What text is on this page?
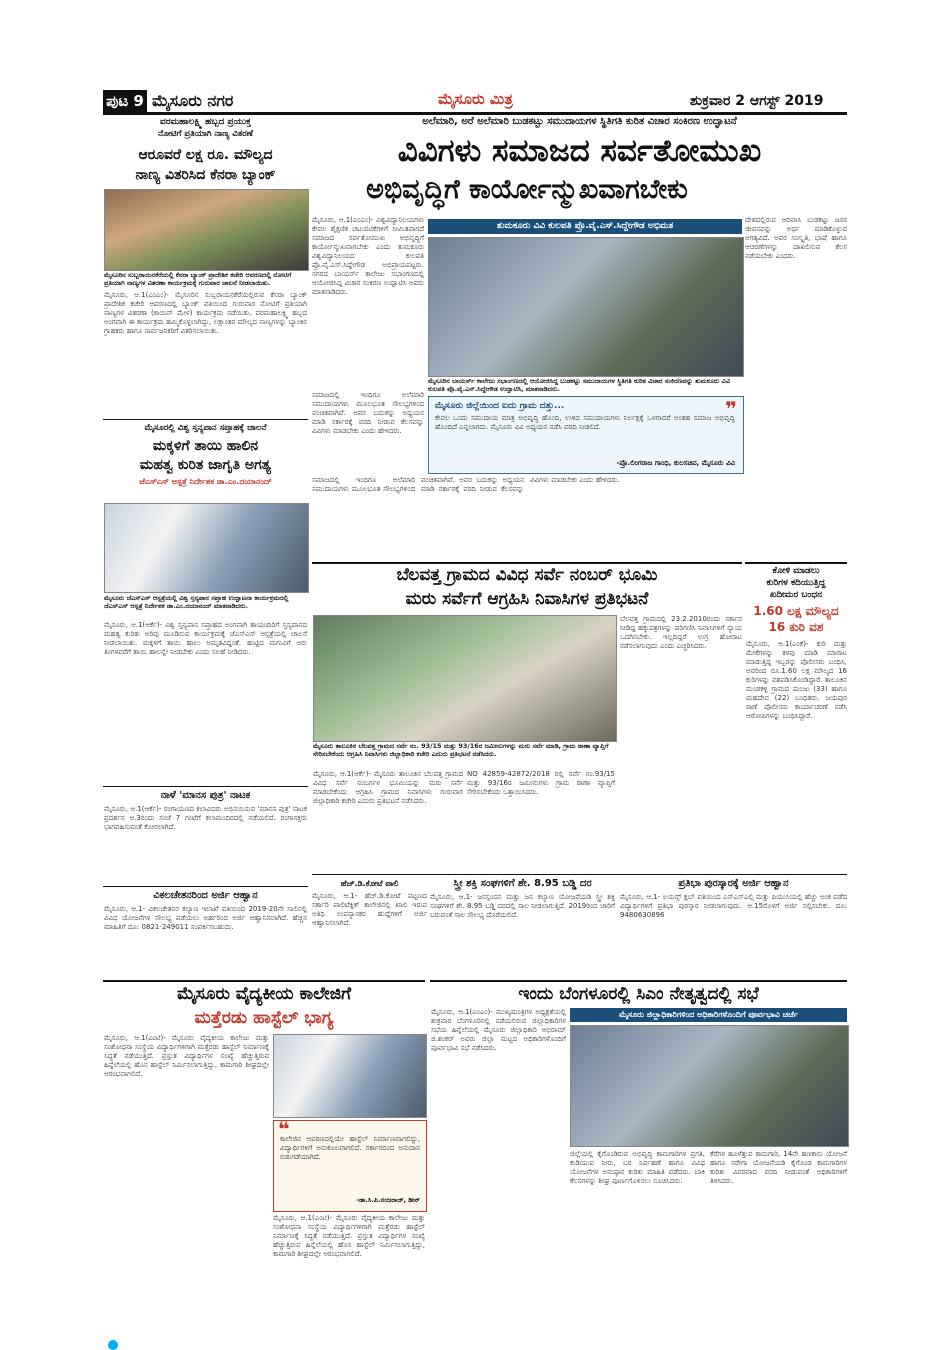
ಪುಟ 9 ಮೈಸೂರು ನಗರ	ಮೈಸೂರು ಮಿತ್ರ	ಶುಕ್ರವಾರ 2 ಆಗಸ್ಟ್ 2019
ವರಮಹಾಲಕ್ಷ್ಮಿ ಹಬ್ಬದ ಪ್ರಯುಕ್ತ
ನೋಟಿಗೆ ಪ್ರತಿಯಾಗಿ ನಾಣ್ಯ ವಿತರಣೆ
ಆರೂವರೆ ಲಕ್ಷ ರೂ. ಮೌಲ್ಯದ
ನಾಣ್ಯ ವಿತರಿಸಿದ ಕೆನರಾ ಬ್ಯಾಂಕ್
ಮೈಸೂರಿನ ಸುಬ್ಬರಾಯನಕೆರೆಯಲ್ಲಿ ಕೆನರಾ ಬ್ಯಾಂಕ್ ಪ್ರಾದೇಶಿಕ ಕಚೇರಿ ಆವರಣದಲ್ಲಿ ನೋಟಿಗೆ ಪ್ರತಿಯಾಗಿ ನಾಣ್ಯಗಳ ವಿತರಣಾ ಕಾರ್ಯಕ್ರಮಕ್ಕೆ ಗುರುವಾರ ಚಾಲನೆ ನೀಡಲಾಯಿತು.
ಮೈಸೂರು, ಆ.1(ಎಂಎಂ)- ಮೈಸೂರಿನ ಸುಬ್ಬರಾಯನಕೆರೆಯಲ್ಲಿರುವ ಕೆನರಾ ಬ್ಯಾಂಕ್ ಪ್ರಾದೇಶಿಕ ಕಚೇರಿ ಆವರಣದಲ್ಲಿ ಬ್ಯಾಂಕ್ ವತಿಯಿಂದ ಗುರುವಾರ ನೋಟಿಗೆ ಪ್ರತಿಯಾಗಿ ನಾಣ್ಯಗಳ ವಿತರಣಾ (ಕಾಯಿನ್ ಮೇಳ) ಕಾರ್ಯಕ್ರಮ ನಡೆಯಿತು. ವರಮಹಾಲಕ್ಷ್ಮಿ ಹಬ್ಬದ ಅಂಗವಾಗಿ ಈ ಕಾರ್ಯಕ್ರಮ ಹಮ್ಮಿಕೊಳ್ಳಲಾಗಿದ್ದು, ಲಕ್ಷಾಂತರ ಮೌಲ್ಯದ ನಾಣ್ಯಗಳನ್ನು ಬ್ಯಾಂಕಿನ ಗ್ರಾಹಕರು ಹಾಗೂ ಸಾರ್ವಜನಿಕರಿಗೆ ವಿತರಿಸಲಾಯಿತು.
ಮೈಸೂರಲ್ಲಿ ವಿಶ್ವ ಸ್ತನ್ಯಪಾನ ಸಪ್ತಾಹಕ್ಕೆ ಚಾಲನೆ
ಮಕ್ಕಳಿಗೆ ತಾಯಿ ಹಾಲಿನ
ಮಹತ್ವ ಕುರಿತ ಜಾಗೃತಿ ಅಗತ್ಯ
ಜೆಎಸ್ಎಸ್ ಆಸ್ಪತ್ರೆ ನಿರ್ದೇಶಕ ಡಾ.ಎಂ.ದಯಾನಂದ್
ಮೈಸೂರು ಜೆಎಸ್ಎಸ್ ಆಸ್ಪತ್ರೆಯಲ್ಲಿ ವಿಶ್ವ ಸ್ತನ್ಯಪಾನ ಸಪ್ತಾಹ ಉದ್ಘಾಟನಾ ಕಾರ್ಯಕ್ರಮದಲ್ಲಿ ಜೆಎಸ್ಎಸ್ ಆಸ್ಪತ್ರೆ ನಿರ್ದೇಶಕ ಡಾ.ಎಂ.ದಯಾನಂದ್ ಮಾತನಾಡಿದರು.
ಮೈಸೂರು, ಆ.1(ಆರ್ಕೆ)- ವಿಶ್ವ ಸ್ತನ್ಯಪಾನ ಸಪ್ತಾಹದ ಅಂಗವಾಗಿ ತಾಯಂದಿರಿಗೆ ಸ್ತನ್ಯಪಾನದ ಮಹತ್ವ ಕುರಿತು ಅರಿವು ಮೂಡಿಸುವ ಕಾರ್ಯಕ್ರಮಕ್ಕೆ ಜೆಎಸ್ಎಸ್ ಆಸ್ಪತ್ರೆಯಲ್ಲಿ ಚಾಲನೆ ನೀಡಲಾಯಿತು. ಮಕ್ಕಳಿಗೆ ತಾಯಿ ಹಾಲು ಅಮೃತವಿದ್ದಂತೆ. ಹುಟ್ಟಿದ ಮಗುವಿಗೆ ಆರು ತಿಂಗಳವರೆಗೆ ತಾಯಿ ಹಾಲನ್ನೇ ನೀಡಬೇಕು ಎಂದು ಸಲಹೆ ನೀಡಿದರು.
ನಾಳೆ 'ಮಾನಸ ಪುತ್ರ' ನಾಟಕ
ಮೈಸೂರು, ಆ.1(ಆರ್ಕೆ)- ರಂಗಾಯಣದ ಕಲಾವಿದರು ಅಭಿನಯಿಸುವ 'ಮಾನಸ ಪುತ್ರ' ನಾಟಕ ಪ್ರದರ್ಶನ ಆ.3ರಂದು ಸಂಜೆ 7 ಗಂಟೆಗೆ ಕಲಾಮಂದಿರದಲ್ಲಿ ನಡೆಯಲಿದೆ. ರಂಗಾಸಕ್ತರು ಭಾಗವಹಿಸುವಂತೆ ಕೋರಲಾಗಿದೆ.
ವಿಕಲಚೇತನರಿಂದ ಅರ್ಜಿ ಆಹ್ವಾನ
ಮೈಸೂರು, ಆ.1- ವಿಕಲಚೇತನರ ಕಲ್ಯಾಣ ಇಲಾಖೆ ವತಿಯಿಂದ 2019-20ನೇ ಸಾಲಿನಲ್ಲಿ ವಿವಿಧ ಯೋಜನೆಗಳ ಸೌಲಭ್ಯ ಪಡೆಯಲು ಅರ್ಹರಿಂದ ಅರ್ಜಿ ಆಹ್ವಾನಿಸಲಾಗಿದೆ. ಹೆಚ್ಚಿನ ಮಾಹಿತಿಗೆ ದೂ: 0821-249011 ಸಂಪರ್ಕಿಸಬಹುದು.
ಅಲೆಮಾರಿ, ಅರೆ ಅಲೆಮಾರಿ ಬುಡಕಟ್ಟು ಸಮುದಾಯಗಳ ಸ್ಥಿತಿಗತಿ ಕುರಿತ ವಿಚಾರ ಸಂಕಿರಣ ಉದ್ಘಾಟನೆ
ವಿವಿಗಳು ಸಮಾಜದ ಸರ್ವತೋಮುಖ
ಅಭಿವೃದ್ಧಿಗೆ ಕಾರ್ಯೋನ್ಮುಖವಾಗಬೇಕು
ತುಮಕೂರು ವಿವಿ ಕುಲಪತಿ ಪ್ರೊ.ವೈ.ಎಸ್.ಸಿದ್ದೇಗೌಡ ಅಭಿಮತ
ಮೈಸೂರು, ಆ.1(ಎಂಎಂ)- ವಿಶ್ವವಿದ್ಯಾನಿಲಯಗಳು ಕೇವಲ ಶೈಕ್ಷಣಿಕ ಚಟುವಟಿಕೆಗಳಿಗೆ ಸೀಮಿತವಾಗದೆ ಸಮಾಜದ ಸರ್ವತೋಮುಖ ಅಭಿವೃದ್ಧಿಗೆ ಕಾರ್ಯೋನ್ಮುಖವಾಗಬೇಕು ಎಂದು ತುಮಕೂರು ವಿಶ್ವವಿದ್ಯಾನಿಲಯದ ಕುಲಪತಿ ಪ್ರೊ.ವೈ.ಎಸ್.ಸಿದ್ದೇಗೌಡ ಅಭಿಪ್ರಾಯಪಟ್ಟರು. ನಗರದ ಬಾಯರ್ಸ್ ಕಾಲೇಜು ಸಭಾಂಗಣದಲ್ಲಿ ಆಯೋಜಿಸಿದ್ದ ವಿಚಾರ ಸಂಕಿರಣ ಉದ್ಘಾಟಿಸಿ ಅವರು ಮಾತನಾಡಿದರು.
ಮೈಸೂರಿನ ಬಾಯರ್ಸ್ ಕಾಲೇಜು ಸಭಾಂಗಣದಲ್ಲಿ ಆಯೋಜಿಸಿದ್ದ ಬುಡಕಟ್ಟು ಸಮುದಾಯಗಳ ಸ್ಥಿತಿಗತಿ ಕುರಿತ ವಿಚಾರ ಸಂಕಿರಣವನ್ನು ತುಮಕೂರು ವಿವಿ ಕುಲಪತಿ ಪ್ರೊ.ವೈ.ಎಸ್.ಸಿದ್ದೇಗೌಡ ಉದ್ಘಾಟಿಸಿ, ಮಾತನಾಡಿದರು.
ಸಮಾಜದಲ್ಲಿ ಇಂದಿಗೂ ಅಲೆಮಾರಿ ಸಮುದಾಯಗಳು ಮೂಲಭೂತ ಸೌಲಭ್ಯಗಳಿಂದ ವಂಚಿತವಾಗಿವೆ. ಅವರ ಬದುಕನ್ನು ಅಧ್ಯಯನ ಮಾಡಿ ಸರ್ಕಾರಕ್ಕೆ ವರದಿ ನೀಡುವ ಕೆಲಸವನ್ನು ವಿವಿಗಳು ಮಾಡಬೇಕು ಎಂದು ಹೇಳಿದರು.
ದೇಶದಲ್ಲಿರುವ ಆದಿವಾಸಿ ಬುಡಕಟ್ಟು ಜನರ ಜೀವನವನ್ನು ಅರ್ಥ ಮಾಡಿಕೊಳ್ಳುವ ಅಗತ್ಯವಿದೆ. ಅವರ ಸಂಸ್ಕೃತಿ, ಭಾಷೆ ಹಾಗೂ ಆಚರಣೆಗಳನ್ನು ದಾಖಲಿಸುವ ಕೆಲಸ ನಡೆಯಬೇಕು ಎಂದರು.
ಮೈಸೂರು ಜಿಲ್ಲೆಯಿಂದ ಐದು ಗ್ರಾಮ ದತ್ತು...	❞
ಕೇವಲ ಒಂದು ಸಮುದಾಯ ಮಾತ್ರ ಅಭಿವೃದ್ಧಿ ಹೊಂದಿ, ಉಳಿದ ಸಮುದಾಯಗಳು ನಿರ್ಲಕ್ಷಕ್ಕೆ ಒಳಗಾದರೆ ಅಂತಹ ಸಮಾಜ ಅಭಿವೃದ್ಧಿ ಹೊಂದಿದೆ ಎನ್ನಲಾಗದು. ಮೈಸೂರು ವಿವಿ ಅಧ್ಯಯನ ನಡೆಸಿ ವರದಿ ನೀಡಲಿದೆ.
-ಪ್ರೊ.ಲಿಂಗರಾಜ ಗಾಂಧಿ, ಕುಲಸಚಿವ, ಮೈಸೂರು ವಿವಿ
ಸಮಾಜದಲ್ಲಿ ಇಂದಿಗೂ ಅಲೆಮಾರಿ ಸಮುದಾಯಗಳು ಮೂಲಭೂತ ಸೌಲಭ್ಯಗಳಿಂದ ವಂಚಿತವಾಗಿವೆ. ಅವರ ಬದುಕನ್ನು ಅಧ್ಯಯನ ಮಾಡಿ ಸರ್ಕಾರಕ್ಕೆ ವರದಿ ನೀಡುವ ಕೆಲಸವನ್ನು ವಿವಿಗಳು ಮಾಡಬೇಕು ಎಂದು ಹೇಳಿದರು.
ಬೆಲವತ್ತ ಗ್ರಾಮದ ವಿವಿಧ ಸರ್ವೆ ನಂಬರ್ ಭೂಮಿ
ಮರು ಸರ್ವೆಗೆ ಆಗ್ರಹಿಸಿ ನಿವಾಸಿಗಳ ಪ್ರತಿಭಟನೆ
ಮೈಸೂರು ತಾಲೂಕಿನ ಬೆಲವತ್ತ ಗ್ರಾಮದ ಸರ್ವೆ ನಂ. 93/15 ಮತ್ತು 93/16ರ ಜಮೀನುಗಳನ್ನು ಮರು ಸರ್ವೆ ಮಾಡಿ, ಗ್ರಾಮ ಠಾಣಾ ವ್ಯಾಪ್ತಿಗೆ ಸೇರಿಸಬೇಕೆಂದು ಆಗ್ರಹಿಸಿ ನಿವಾಸಿಗಳು ಜಿಲ್ಲಾಧಿಕಾರಿ ಕಚೇರಿ ಎದುರು ಪ್ರತಿಭಟನೆ ನಡೆಸಿದರು.
ಬೆಲವತ್ತ ಗ್ರಾಮದಲ್ಲಿ 23.2.2010ರಂದು ಸರ್ಕಾರ ನೀಡಿದ್ದ ಹಕ್ಕುಪತ್ರಗಳನ್ನು ಪರಿಗಣಿಸಿ ನಿವಾಸಿಗಳಿಗೆ ನ್ಯಾಯ ಒದಗಿಸಬೇಕು. ಇಲ್ಲದಿದ್ದರೆ ಉಗ್ರ ಹೋರಾಟ ನಡೆಸಲಾಗುವುದು ಎಂದು ಎಚ್ಚರಿಸಿದರು.
ಮೈಸೂರು, ಆ.1(ಆರ್ಕೆ)- ಮೈಸೂರು ತಾಲೂಕಿನ ಬೆಲವತ್ತ ಗ್ರಾಮದ ವಿವಿಧ ಸರ್ವೆ ನಂಬರ್ಗಳ ಭೂಮಿಯನ್ನು ಮರು ಸರ್ವೆ ಮಾಡಬೇಕೆಂದು ಆಗ್ರಹಿಸಿ ಗ್ರಾಮದ ನಿವಾಸಿಗಳು ಗುರುವಾರ ಜಿಲ್ಲಾಧಿಕಾರಿ ಕಚೇರಿ ಎದುರು ಪ್ರತಿಭಟನೆ ನಡೆಸಿದರು.
NO 42859-42872/2018 ರಲ್ಲಿ ಸರ್ವೆ ನಂ.93/15 ಮತ್ತು 93/16ರ ಜಮೀನುಗಳು ಗ್ರಾಮ ಠಾಣಾ ವ್ಯಾಪ್ತಿಗೆ ಸೇರಿಸಬೇಕೆಂದು ಒತ್ತಾಯಿಸಿದರು.
ಕೋಳಿ ಮಾಡಲು
ಕುರಿಗಳ ಕದಿಯುತ್ತಿದ್ದ
ಖದೀಮರ ಬಂಧನ
1.60 ಲಕ್ಷ ಮೌಲ್ಯದ
16 ಕುರಿ ವಶ
ಮೈಸೂರು, ಆ.1(ಎಂಕೆ)- ಕುರಿ ಮತ್ತು ಮೇಕೆಗಳನ್ನು ಕಳವು ಮಾಡಿ ಮಾರಾಟ ಮಾಡುತ್ತಿದ್ದ ಇಬ್ಬರನ್ನು ಪೊಲೀಸರು ಬಂಧಿಸಿ, ಅವರಿಂದ ರೂ.1.60 ಲಕ್ಷ ಮೌಲ್ಯದ 16 ಕುರಿಗಳನ್ನು ವಶಪಡಿಸಿಕೊಂಡಿದ್ದಾರೆ. ತಾಲೂಕಿನ ಮಂಡಕಳ್ಳಿ ಗ್ರಾಮದ ಮಂಜು (33) ಹಾಗೂ ಮಹದೇವ (22) ಬಂಧಿತರು. ಜಯಪುರ ಠಾಣೆ ಪೊಲೀಸರು ಕಾರ್ಯಾಚರಣೆ ನಡೆಸಿ ಆರೋಪಿಗಳನ್ನು ಬಂಧಿಸಿದ್ದಾರೆ.
ಹೆಚ್.ಡಿ.ಕೋಟೆ ಪಾಲಿ
ಮೈಸೂರು, ಆ.1- ಹೆಚ್.ಡಿ.ಕೋಟೆ ಪಟ್ಟಣದ ಸರ್ಕಾರಿ ಪಾಲಿಟೆಕ್ನಿಕ್ ಕಾಲೇಜಿನಲ್ಲಿ ಖಾಲಿ ಇರುವ ಅತಿಥಿ ಉಪನ್ಯಾಸಕರ ಹುದ್ದೆಗಳಿಗೆ ಅರ್ಜಿ ಆಹ್ವಾನಿಸಲಾಗಿದೆ.
ಸ್ತ್ರೀ ಶಕ್ತಿ ಸಂಘಗಳಿಗೆ ಶೇ. 8.95 ಬಡ್ಡಿ ದರ
ಮೈಸೂರು, ಆ.1- ಜನಸ್ಪಂದನ ಮತ್ತು ಜನ ಕಲ್ಯಾಣ ಯೋಜನೆಯಡಿ ಸ್ತ್ರೀ ಶಕ್ತಿ ಸಂಘಗಳಿಗೆ ಶೇ. 8.95 ಬಡ್ಡಿ ದರದಲ್ಲಿ ಸಾಲ ನೀಡಲಾಗುತ್ತಿದೆ. 2019ರಿಂದ ಜಾರಿಗೆ ಬರುವಂತೆ ಸಾಲ ಸೌಲಭ್ಯ ದೊರೆಯಲಿದೆ.
ಪ್ರತಿಭಾ ಪುರಸ್ಕಾರಕ್ಕೆ ಅರ್ಜಿ ಆಹ್ವಾನ
ಮೈಸೂರು, ಆ.1- ಲಯನ್ಸ್ ಕ್ಲಬ್ ವತಿಯಿಂದ ಎಸ್ಎಸ್ಎಲ್ಸಿ ಮತ್ತು ಪಿಯುಸಿಯಲ್ಲಿ ಹೆಚ್ಚು ಅಂಕ ಪಡೆದ ವಿದ್ಯಾರ್ಥಿಗಳಿಗೆ ಪ್ರತಿಭಾ ಪುರಸ್ಕಾರ ನೀಡಲಾಗುವುದು. ಆ.15ರೊಳಗೆ ಅರ್ಜಿ ಸಲ್ಲಿಸಬೇಕು. ದೂ: 9480630896
ಮೈಸೂರು ವೈದ್ಯಕೀಯ ಕಾಲೇಜಿಗೆ
ಮತ್ತೆರಡು ಹಾಸ್ಟೆಲ್ ಭಾಗ್ಯ
ಮೈಸೂರು, ಆ.1(ಎಂಟಿ)- ಮೈಸೂರು ವೈದ್ಯಕೀಯ ಕಾಲೇಜು ಮತ್ತು ಸಂಶೋಧನಾ ಸಂಸ್ಥೆಯ ವಿದ್ಯಾರ್ಥಿಗಳಿಗಾಗಿ ಮತ್ತೆರಡು ಹಾಸ್ಟೆಲ್ ನಿರ್ಮಾಣಕ್ಕೆ ಸಿದ್ಧತೆ ನಡೆಯುತ್ತಿದೆ. ಪ್ರಸ್ತುತ ವಿದ್ಯಾರ್ಥಿಗಳ ಸಂಖ್ಯೆ ಹೆಚ್ಚುತ್ತಿರುವ ಹಿನ್ನೆಲೆಯಲ್ಲಿ ಹೊಸ ಹಾಸ್ಟೆಲ್ ನಿರ್ಮಿಸಲಾಗುತ್ತಿದ್ದು, ಕಾಮಗಾರಿ ಶೀಘ್ರದಲ್ಲೇ ಆರಂಭವಾಗಲಿದೆ.
❝
ಕಾಲೇಜಿನ ಆವರಣದಲ್ಲಿಯೇ ಹಾಸ್ಟೆಲ್ ನಿರ್ಮಾಣವಾಗಲಿದ್ದು, ವಿದ್ಯಾರ್ಥಿಗಳಿಗೆ ಅನುಕೂಲವಾಗಲಿದೆ. ಸರ್ಕಾರದಿಂದ ಅನುದಾನ ಬಿಡುಗಡೆಯಾಗಿದೆ.
-ಡಾ.ಸಿ.ಪಿ.ನಂಜರಾಜ್, ಡೀನ್
ಮೈಸೂರು, ಆ.1(ಎಂಟಿ)- ಮೈಸೂರು ವೈದ್ಯಕೀಯ ಕಾಲೇಜು ಮತ್ತು ಸಂಶೋಧನಾ ಸಂಸ್ಥೆಯ ವಿದ್ಯಾರ್ಥಿಗಳಿಗಾಗಿ ಮತ್ತೆರಡು ಹಾಸ್ಟೆಲ್ ನಿರ್ಮಾಣಕ್ಕೆ ಸಿದ್ಧತೆ ನಡೆಯುತ್ತಿದೆ. ಪ್ರಸ್ತುತ ವಿದ್ಯಾರ್ಥಿಗಳ ಸಂಖ್ಯೆ ಹೆಚ್ಚುತ್ತಿರುವ ಹಿನ್ನೆಲೆಯಲ್ಲಿ ಹೊಸ ಹಾಸ್ಟೆಲ್ ನಿರ್ಮಿಸಲಾಗುತ್ತಿದ್ದು, ಕಾಮಗಾರಿ ಶೀಘ್ರದಲ್ಲೇ ಆರಂಭವಾಗಲಿದೆ.
ಇಂದು ಬೆಂಗಳೂರಲ್ಲಿ ಸಿಎಂ ನೇತೃತ್ವದಲ್ಲಿ ಸಭೆ
ಮೈಸೂರು ಜಿಲ್ಲಾಧಿಕಾರಿಗಳಿಂದ ಅಧಿಕಾರಿಗಳೊಂದಿಗೆ ಪೂರ್ವಭಾವಿ ಚರ್ಚೆ
ಮೈಸೂರು, ಆ.1(ಎಂಎಂ)- ಮುಖ್ಯಮಂತ್ರಿಗಳ ಅಧ್ಯಕ್ಷತೆಯಲ್ಲಿ ಶುಕ್ರವಾರ ಬೆಂಗಳೂರಿನಲ್ಲಿ ನಡೆಯಲಿರುವ ಜಿಲ್ಲಾಧಿಕಾರಿಗಳ ಸಭೆಯ ಹಿನ್ನೆಲೆಯಲ್ಲಿ ಮೈಸೂರು ಜಿಲ್ಲಾಧಿಕಾರಿ ಅಭಿರಾಮ್ ಜಿ.ಶಂಕರ್ ಅವರು ಜಿಲ್ಲಾ ಮಟ್ಟದ ಅಧಿಕಾರಿಗಳೊಂದಿಗೆ ಪೂರ್ವಭಾವಿ ಸಭೆ ನಡೆಸಿದರು.
ಜಿಲ್ಲೆಯಲ್ಲಿ ಕೈಗೊಂಡಿರುವ ಅಭಿವೃದ್ಧಿ ಕಾಮಗಾರಿಗಳ ಪ್ರಗತಿ, ಕುಡಿಯುವ ನೀರು, ಬರ ನಿರ್ವಹಣೆ ಹಾಗೂ ವಿವಿಧ ಯೋಜನೆಗಳ ಅನುಷ್ಠಾನ ಕುರಿತು ಮಾಹಿತಿ ಪಡೆದರು. ಬಾಕಿ ಕೆಲಸಗಳನ್ನು ಶೀಘ್ರ ಪೂರ್ಣಗೊಳಿಸಲು ಸೂಚಿಸಿದರು.
ಕೆರೆಗಳ ಹೂಳೆತ್ತುವ ಕಾಮಗಾರಿ, 14ನೇ ಹಣಕಾಸು ಯೋಜನೆ ಹಾಗೂ ನರೇಗಾ ಯೋಜನೆಯಡಿ ಕೈಗೊಂಡ ಕಾಮಗಾರಿಗಳ ಕುರಿತು ವಿವರವಾದ ವರದಿ ನೀಡುವಂತೆ ಅಧಿಕಾರಿಗಳಿಗೆ ತಿಳಿಸಿದರು.
